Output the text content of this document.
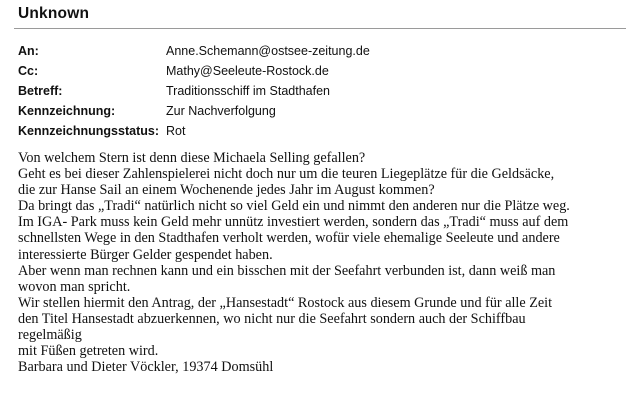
Unknown
An:	Anne.Schemann@ostsee-zeitung.de
Cc:	Mathy@Seeleute-Rostock.de
Betreff:	Traditionsschiff im Stadthafen
Kennzeichnung:	Zur Nachverfolgung
Kennzeichnungsstatus: Rot
Von welchem Stern ist denn diese Michaela Selling gefallen?
Geht es bei dieser Zahlenspielerei nicht doch nur um die teuren Liegeplätze für die Geldsäcke,
die zur Hanse Sail an einem Wochenende jedes Jahr im August kommen?
Da bringt das „Tradi“ natürlich nicht so viel Geld ein und nimmt den anderen nur die Plätze weg.
Im IGA- Park muss kein Geld mehr unnütz investiert werden, sondern das „Tradi“ muss auf dem
schnellsten Wege in den Stadthafen verholt werden, wofür viele ehemalige Seeleute und andere
interessierte Bürger Gelder gespendet haben.
Aber wenn man rechnen kann und ein bisschen mit der Seefahrt verbunden ist, dann weiß man
wovon man spricht.
Wir stellen hiermit den Antrag, der „Hansestadt“ Rostock aus diesem Grunde und für alle Zeit
den Titel Hansestadt abzuerkennen, wo nicht nur die Seefahrt sondern auch der Schiffbau
regelmäßig
mit Füßen getreten wird.
Barbara und Dieter Vöckler, 19374 Domsühl
